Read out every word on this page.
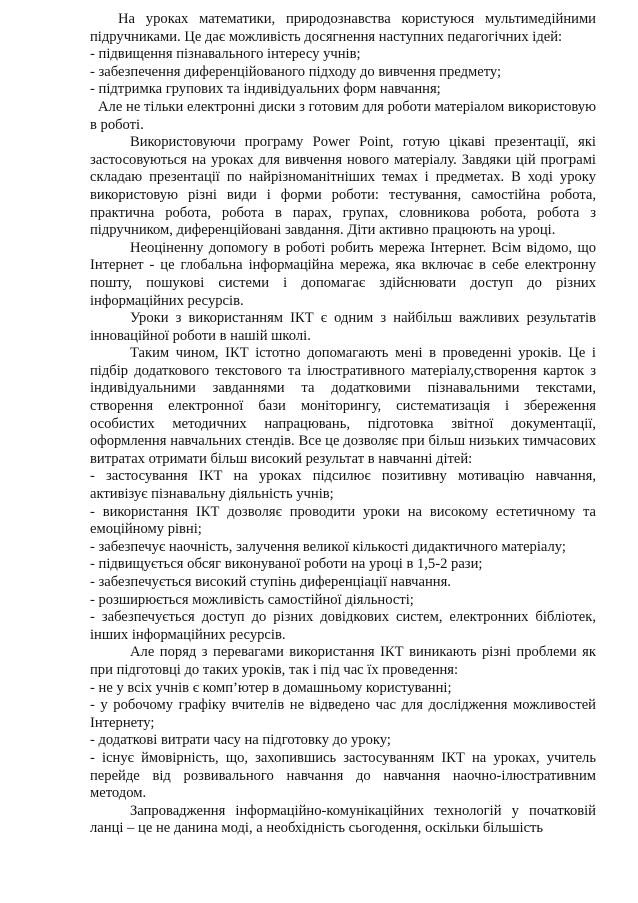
На уроках математики, природознавства користуюся мультимедійними підручниками. Це дає можливість досягнення наступних педагогічних ідей:

- підвищення пізнавального інтересу учнів;

- забезпечення диференційованого підходу до вивчення предмету;

- підтримка групових та індивідуальних форм навчання;

Але не тільки електронні диски з готовим для роботи матеріалом використовую в роботі.

Використовуючи програму Power Point, готую цікаві презентації, які застосовуються на уроках для вивчення нового матеріалу. Завдяки цій програмі складаю презентації по найрізноманітніших темах і предметах. В ході уроку використовую різні види і форми роботи: тестування, самостійна робота, практична робота, робота в парах, групах, словникова робота, робота з підручником, диференційовані завдання. Діти активно працюють на уроці.

Неоціненну допомогу в роботі робить мережа Інтернет. Всім відомо, що Інтернет - це глобальна інформаційна мережа, яка включає в себе електронну пошту, пошукові системи і допомагає здійснювати доступ до різних інформаційних ресурсів.

Уроки з використанням ІКТ є одним з найбільш важливих результатів інноваційної роботи в нашій школі.

Таким чином, ІКТ істотно допомагають мені в проведенні уроків. Це і підбір додаткового текстового та ілюстративного матеріалу,створення карток з індивідуальними завданнями та додатковими пізнавальними текстами, створення електронної бази моніторингу, систематизація і збереження особистих методичних напрацювань, підготовка звітної документації, оформлення навчальних стендів. Все це дозволяє при більш низьких тимчасових витратах отримати більш високий результат в навчанні дітей:

- застосування ІКТ на уроках підсилює позитивну мотивацію навчання, активізує пізнавальну діяльність учнів;

- використання ІКТ дозволяє проводити уроки на високому естетичному та емоційному рівні;

- забезпечує наочність, залучення великої кількості дидактичного матеріалу;

- підвищується обсяг виконуваної роботи на уроці в 1,5-2 рази;

- забезпечується високий ступінь диференціації навчання.

- розширюється можливість самостійної діяльності;

- забезпечується доступ до різних довідкових систем, електронних бібліотек, інших інформаційних ресурсів.

Але поряд з перевагами використання ІКТ виникають різні проблеми як при підготовці до таких уроків, так і під час їх проведення:

- не у всіх учнів є комп’ютер в домашньому користуванні;

- у робочому графіку вчителів не відведено час для дослідження можливостей Інтернету;

- додаткові витрати часу на підготовку до уроку;

- існує ймовірність, що, захопившись застосуванням ІКТ на уроках, учитель перейде від розвивального навчання до навчання наочно-ілюстративним методом.

Запровадження інформаційно-комунікаційних технологій у початковій ланці – це не данина моді, а необхідність сьогодення, оскільки більшість
